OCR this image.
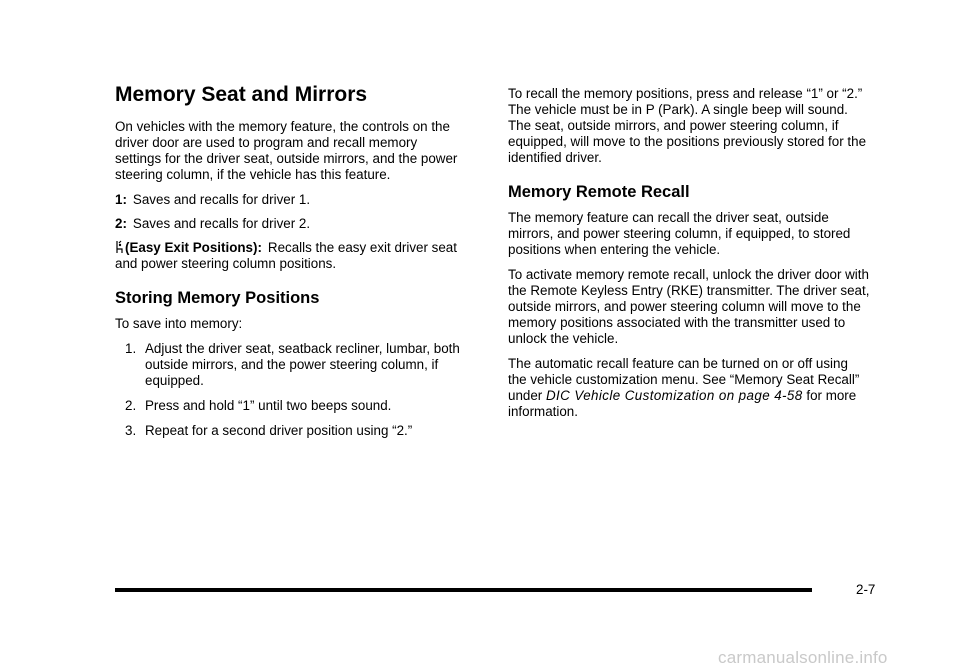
Memory Seat and Mirrors

On vehicles with the memory feature, the controls on the driver door are used to program and recall memory settings for the driver seat, outside mirrors, and the power steering column, if the vehicle has this feature.

1: Saves and recalls for driver 1.

2: Saves and recalls for driver 2.

(Easy Exit Positions): Recalls the easy exit driver seat and power steering column positions.

Storing Memory Positions

To save into memory:

1. Adjust the driver seat, seatback recliner, lumbar, both outside mirrors, and the power steering column, if equipped.
2. Press and hold “1” until two beeps sound.
3. Repeat for a second driver position using “2.”

To recall the memory positions, press and release “1” or “2.” The vehicle must be in P (Park). A single beep will sound. The seat, outside mirrors, and power steering column, if equipped, will move to the positions previously stored for the identified driver.

Memory Remote Recall

The memory feature can recall the driver seat, outside mirrors, and power steering column, if equipped, to stored positions when entering the vehicle.

To activate memory remote recall, unlock the driver door with the Remote Keyless Entry (RKE) transmitter. The driver seat, outside mirrors, and power steering column will move to the memory positions associated with the transmitter used to unlock the vehicle.

The automatic recall feature can be turned on or off using the vehicle customization menu. See “Memory Seat Recall” under DIC Vehicle Customization on page 4-58 for more information.

2-7
carmanualsonline.info
